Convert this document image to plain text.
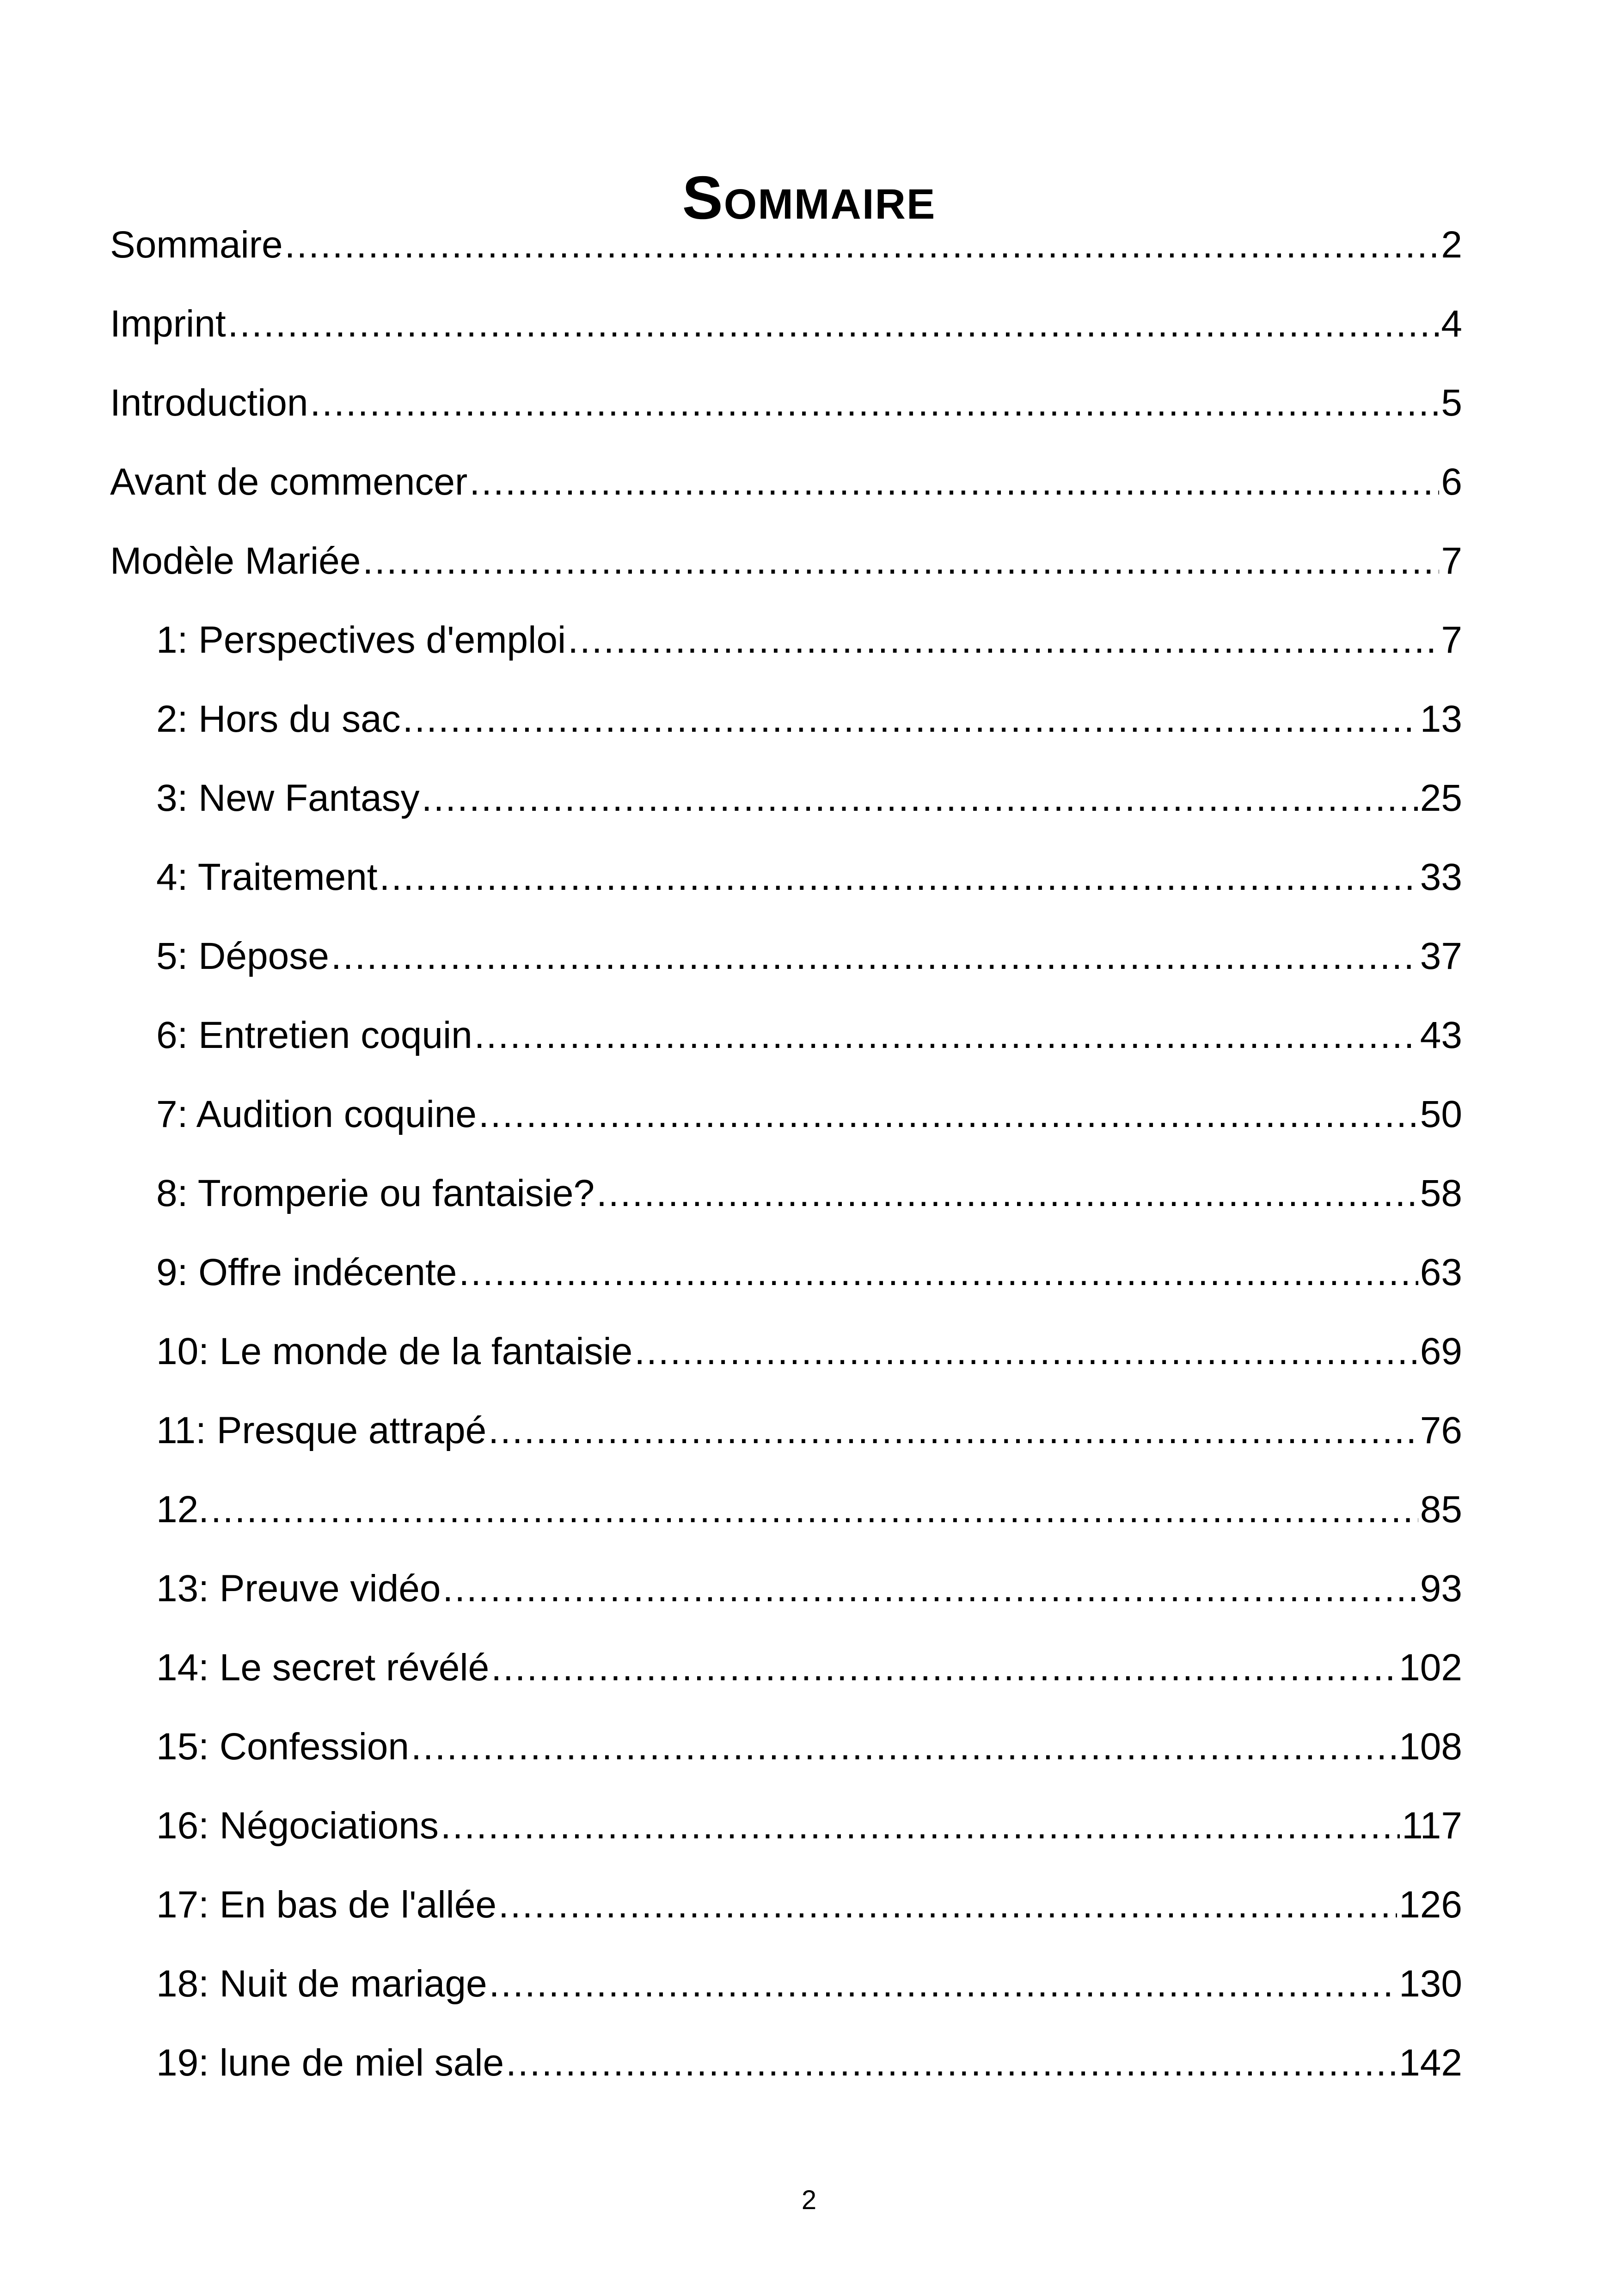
Sommaire
Sommaire .....	2
Imprint .....	4
Introduction .....	5
Avant de commencer .....	6
Modèle Mariée .....	7
1: Perspectives d'emploi .....	7
2: Hors du sac .....	13
3: New Fantasy .....	25
4: Traitement .....	33
5: Dépose .....	37
6: Entretien coquin .....	43
7: Audition coquine .....	50
8: Tromperie ou fantaisie? .....	58
9: Offre indécente .....	63
10: Le monde de la fantaisie .....	69
11: Presque attrapé .....	76
12. .....	85
13: Preuve vidéo .....	93
14: Le secret révélé .....	102
15: Confession .....	108
16: Négociations .....	117
17: En bas de l'allée .....	126
18: Nuit de mariage .....	130
19: lune de miel sale .....	142
2
